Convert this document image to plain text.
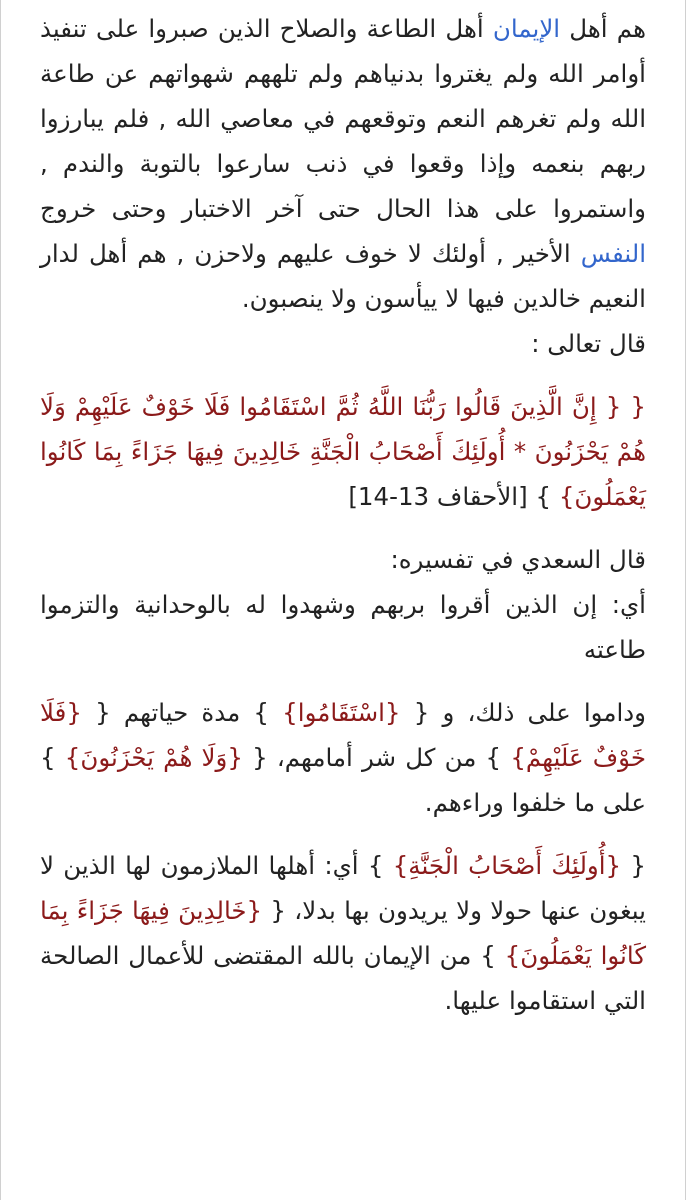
هم أهل الإيمان أهل الطاعة والصلاح الذين صبروا على تنفيذ أوامر الله ولم يغتروا بدنياهم ولم تلههم شهواتهم عن طاعة الله ولم تغرهم النعم وتوقعهم في معاصي الله , فلم يبارزوا ربهم بنعمه وإذا وقعوا في ذنب سارعوا بالتوبة والندم , واستمروا على هذا الحال حتى آخر الاختبار وحتى خروج النفس الأخير , أولئك لا خوف عليهم ولاحزن , هم أهل لدار النعيم خالدين فيها لا ييأسون ولا ينصبون.

قال تعالى :

{ { إِنَّ الَّذِينَ قَالُوا رَبُّنَا اللَّهُ ثُمَّ اسْتَقَامُوا فَلَا خَوْفٌ عَلَيْهِمْ وَلَا هُمْ يَحْزَنُونَ * أُولَئِكَ أَصْحَابُ الْجَنَّةِ خَالِدِينَ فِيهَا جَزَاءً بِمَا كَانُوا يَعْمَلُونَ} } [الأحقاف 13-14]

قال السعدي في تفسيره:

أي: إن الذين أقروا بربهم وشهدوا له بالوحدانية والتزموا طاعته

وداموا على ذلك، و { {اسْتَقَامُوا} } مدة حياتهم { {فَلَا خَوْفٌ عَلَيْهِمْ} } من كل شر أمامهم، { {وَلَا هُمْ يَحْزَنُونَ} } على ما خلفوا وراءهم.

{ {أُولَئِكَ أَصْحَابُ الْجَنَّةِ} } أي: أهلها الملازمون لها الذين لا يبغون عنها حولا ولا يريدون بها بدلا، { {خَالِدِينَ فِيهَا جَزَاءً بِمَا كَانُوا يَعْمَلُونَ} } من الإيمان بالله المقتضى للأعمال الصالحة التي استقاموا عليها.
